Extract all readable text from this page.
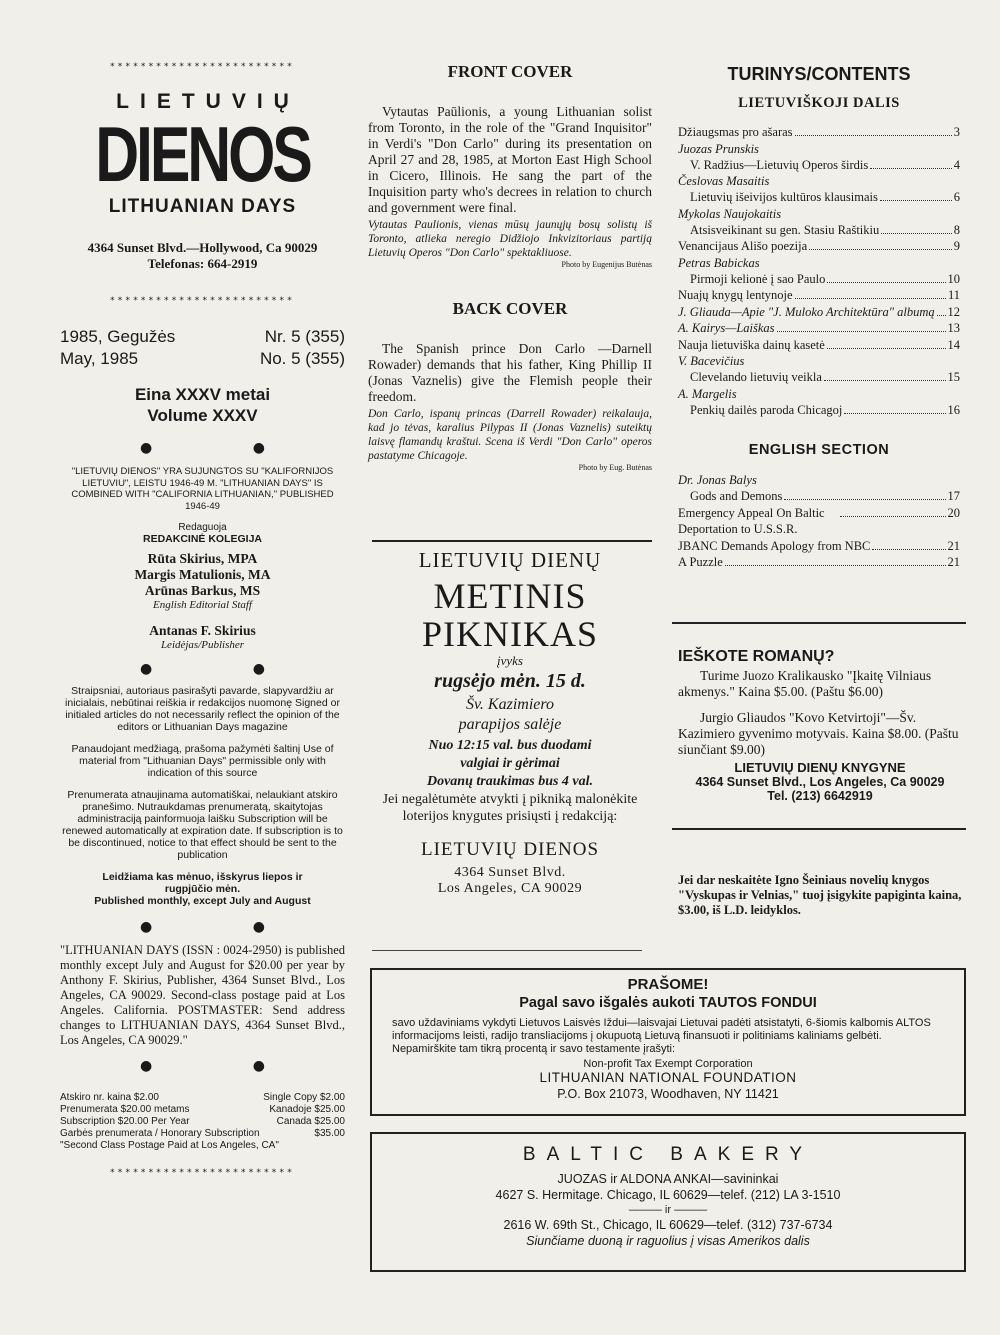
************************
LIETUVIŲ
DIENOS
LITHUANIAN DAYS
4364 Sunset Blvd.—Hollywood, Ca 90029
Telefonas: 664-2919
************************
1985, Gegužės	Nr. 5 (355)
May, 1985	No. 5 (355)
Eina XXXV metai
Volume XXXV
● ●
"LIETUVIŲ DIENOS" YRA SUJUNGTOS SU "KALIFORNIJOS LIETUVIU", LEISTU 1946-49 M. "LITHUANIAN DAYS" IS COMBINED WITH "CALIFORNIA LITHUANIAN," PUBLISHED 1946-49
Redaguoja
REDAKCINĖ KOLEGIJA
Rūta Skirius, MPA
Margis Matulionis, MA
Arūnas Barkus, MS
English Editorial Staff
Antanas F. Skirius
Leidėjas/Publisher
● ●
Straipsniai, autoriaus pasirašyti pavarde, slapyvardžiu ar inicialais, nebūtinai reiškia ir redakcijos nuomonę Signed or initialed articles do not necessarily reflect the opinion of the editors or Lithuanian Days magazine
Panaudojant medžiagą, prašoma pažymėti šaltinį Use of material from "Lithuanian Days" permissible only with indication of this source
Prenumerata atnaujinama automatiškai, nelaukiant atskiro pranešimo. Nutraukdamas prenumeratą, skaitytojas administraciją painformuoja laišku Subscription will be renewed automatically at expiration date. If subscription is to be discontinued, notice to that effect should be sent to the publication
Leidžiama kas mėnuo, išskyrus liepos ir rugpjūčio mėn.
Published monthly, except July and August
● ●
"LITHUANIAN DAYS (ISSN : 0024-2950) is published monthly except July and August for $20.00 per year by Anthony F. Skirius, Publisher, 4364 Sunset Blvd., Los Angeles, CA 90029. Second-class postage paid at Los Angeles. California. POSTMASTER: Send address changes to LITHUANIAN DAYS, 4364 Sunset Blvd., Los Angeles, CA 90029."
● ●
Atskiro nr. kaina $2.00	Single Copy $2.00
Prenumerata $20.00 metams	Kanadoje $25.00
Subscription $20.00 Per Year	Canada $25.00
Garbės prenumerata / Honorary Subscription	$35.00
"Second Class Postage Paid at Los Angeles, CA"
************************
FRONT COVER

Vytautas Paūlionis, a young Lithuanian solist from Toronto, in the role of the "Grand Inquisitor" in Verdi's "Don Carlo" during its presentation on April 27 and 28, 1985, at Morton East High School in Cicero, Illinois. He sang the part of the Inquisition party who's decrees in relation to church and government were final.

Vytautas Paulionis, vienas mūsų jaunųjų bosų solistų iš Toronto, atlieka neregio Didžiojo Inkvizitoriaus partiją Lietuvių Operos "Don Carlo" spektakliuose.

Photo by Eugenijus Butėnas
BACK COVER

The Spanish prince Don Carlo —Darnell Rowader) demands that his father, King Phillip II (Jonas Vaznelis) give the Flemish people their freedom.

Don Carlo, ispanų princas (Darrell Rowader) reikalauja, kad jo tėvas, karalius Pilypas II (Jonas Vaznelis) suteiktų laisvę flamandų kraštui. Scena iš Verdi "Don Carlo" operos pastatyme Chicagoje.

Photo by Eug. Butėnas
LIETUVIŲ DIENŲ
METINIS
PIKNIKAS
įvyks
rugsėjo mėn. 15 d.
Šv. Kazimiero
parapijos salėje
Nuo 12:15 val. bus duodami
valgiai ir gėrimai
Dovanų traukimas bus 4 val.
Jei negalėtumėte atvykti į pikniką malonėkite loterijos knygutes prisiųsti į redakciją:
LIETUVIŲ DIENOS
4364 Sunset Blvd.
Los Angeles, CA 90029
TURINYS/CONTENTS
LIETUVIŠKOJI DALIS
Džiaugsmas pro ašaras	3
Juozas Prunskis
V. Radžius—Lietuvių Operos širdis	4
Česlovas Masaitis
Lietuvių išeivijos kultūros klausimais	6
Mykolas Naujokaitis
Atsisveikinant su gen. Stasiu Raštikiu	8
Venancijaus Ališo poezija	9
Petras Babickas
Pirmoji kelionė į sao Paulo	10
Nuajų knygų lentynoje	11
J. Gliauda—Apie "J. Muloko Architektūra" albumą 12
A. Kairys—Laiškas	13
Nauja lietuviška dainų kasetė	14
V. Bacevičius
Clevelando lietuvių veikla	15
A. Margelis
Penkių dailės paroda Chicagoj	16
ENGLISH SECTION
Dr. Jonas Balys
Gods and Demons	17
Emergency Appeal On Baltic Deportation to U.S.S.R.
20
JBANC Demands Apology from NBC	21
A Puzzle	21
IEŠKOTE ROMANŲ?

Turime Juozo Kralikausko "Įkaitę Vilniaus akmenys." Kaina $5.00. (Paštu $6.00)

Jurgio Gliaudos "Kovo Ketvirtoji"—Šv. Kazimiero gyvenimo motyvais. Kaina $8.00. (Paštu siunčiant $9.00)

LIETUVIŲ DIENŲ KNYGYNE
4364 Sunset Blvd., Los Angeles, Ca 90029
Tel. (213) 6642919

Jei dar neskaitėte Igno Šeiniaus novelių knygos "Vyskupas ir Velnias," tuoj įsigykite papiginta kaina, $3.00, iš L.D. leidyklos.

PRAŠOME!
Pagal savo išgalės aukoti TAUTOS FONDUI
savo uždaviniams vykdyti Lietuvos Laisvės Iždui—laisvajai Lietuvai padėti atsistatyti, 6-šiomis kalbomis ALTOS informacijoms leisti, radijo transliacijoms į okupuotą Lietuvą finansuoti ir politiniams kaliniams gelbėti. Nepamirškite tam tikrą procentą ir savo testamente įrašyti:
Non-profit Tax Exempt Corporation
LITHUANIAN NATIONAL FOUNDATION
P.O. Box 21073, Woodhaven, NY 11421
BALTIC BAKERY
JUOZAS ir ALDONA ANKAI—savininkai
4627 S. Hermitage. Chicago, IL 60629—telef. (212) LA 3-1510
——— ir ———
2616 W. 69th St., Chicago, IL 60629—telef. (312) 737-6734
Siunčiame duoną ir raguolius į visas Amerikos dalis
